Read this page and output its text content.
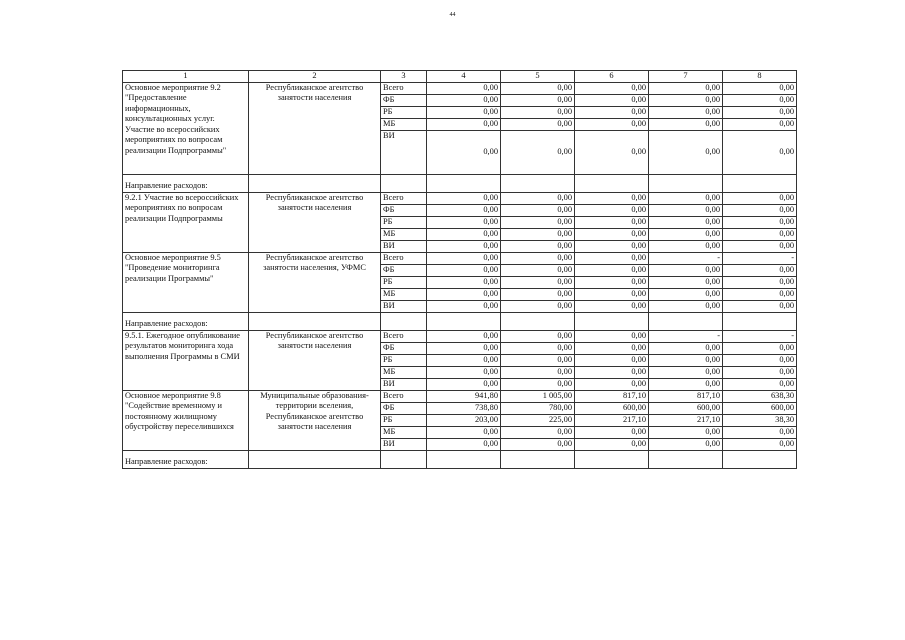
44
1	2	3	4	5	6	7	8
Основное мероприятие 9.2 "Предоставление информационных, консультационных услуг. Участие во всероссийских мероприятиях по вопросам реализации Подпрограммы"	Республиканское агентство занятости населения	Всего	0,00	0,00	0,00	0,00	0,00
		ФБ	0,00	0,00	0,00	0,00	0,00
		РБ	0,00	0,00	0,00	0,00	0,00
		МБ	0,00	0,00	0,00	0,00	0,00
		ВИ	0,00	0,00	0,00	0,00	0,00
Направление расходов:							
9.2.1 Участие во всероссийских мероприятиях по вопросам реализации Подпрограммы	Республиканское агентство занятости населения	Всего	0,00	0,00	0,00	0,00	0,00
		ФБ	0,00	0,00	0,00	0,00	0,00
		РБ	0,00	0,00	0,00	0,00	0,00
		МБ	0,00	0,00	0,00	0,00	0,00
		ВИ	0,00	0,00	0,00	0,00	0,00
Основное мероприятие 9.5 "Проведение мониторинга реализации Программы"	Республиканское агентство занятости населения, УФМС	Всего	0,00	0,00	0,00	-	-
		ФБ	0,00	0,00	0,00	0,00	0,00
		РБ	0,00	0,00	0,00	0,00	0,00
		МБ	0,00	0,00	0,00	0,00	0,00
		ВИ	0,00	0,00	0,00	0,00	0,00
Направление расходов:							
9.5.1. Ежегодное опубликование результатов мониторинга хода выполнения Программы в СМИ	Республиканское агентство занятости населения	Всего	0,00	0,00	0,00	-	-
		ФБ	0,00	0,00	0,00	0,00	0,00
		РБ	0,00	0,00	0,00	0,00	0,00
		МБ	0,00	0,00	0,00	0,00	0,00
		ВИ	0,00	0,00	0,00	0,00	0,00
Основное мероприятие 9.8 "Содействие временному и постоянному жилищному обустройству переселившихся	Муниципальные образования-территории вселения, Республиканское агентство занятости населения	Всего	941,80	1 005,00	817,10	817,10	638,30
		ФБ	738,80	780,00	600,00	600,00	600,00
		РБ	203,00	225,00	217,10	217,10	38,30
		МБ	0,00	0,00	0,00	0,00	0,00
		ВИ	0,00	0,00	0,00	0,00	0,00
Направление расходов:							
